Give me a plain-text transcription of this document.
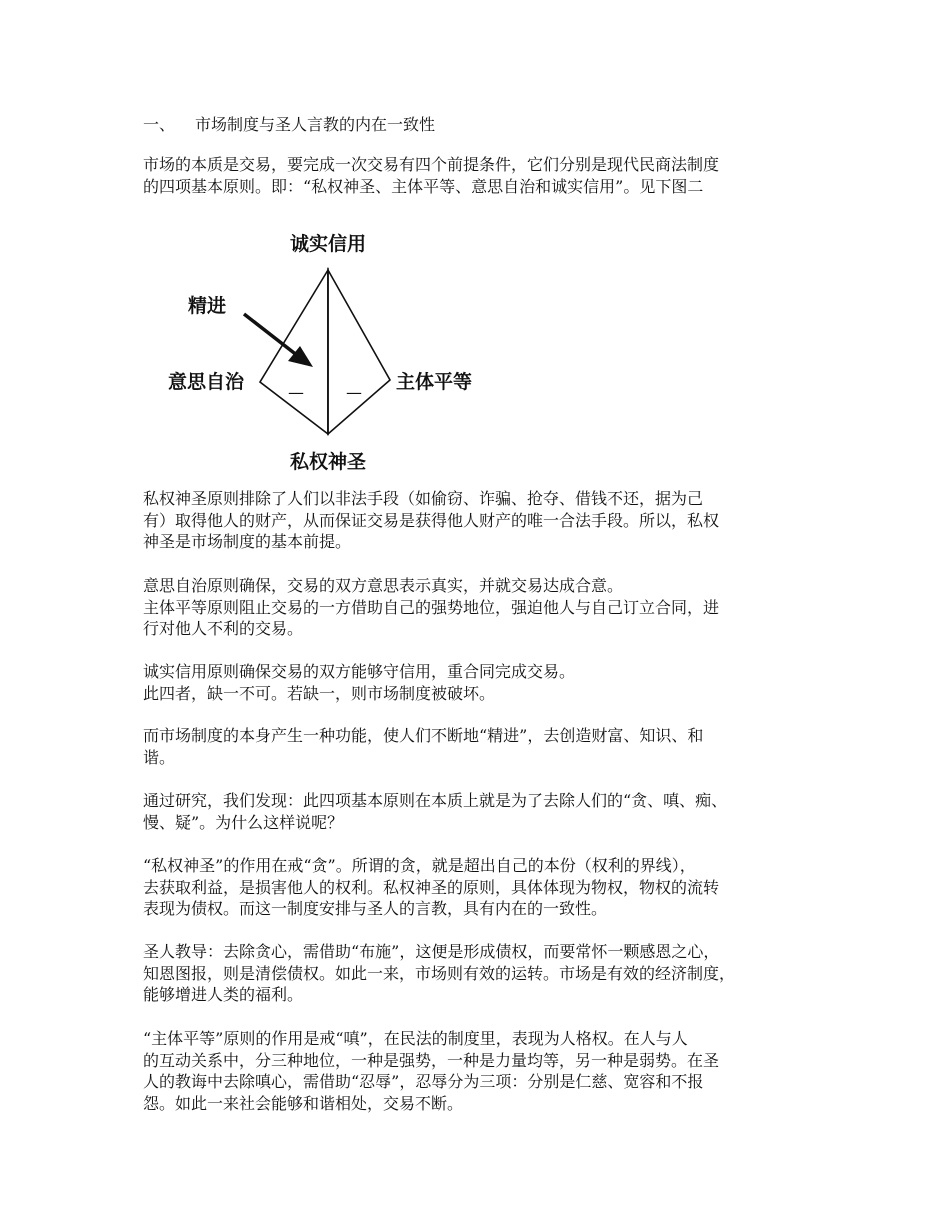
一、 市场制度与圣人言教的内在一致性

市场的本质是交易，要完成一次交易有四个前提条件，它们分别是现代民商法制度
的四项基本原则。即：“私权神圣、主体平等、意思自治和诚实信用”。见下图二

诚实信用
私权神圣
意思自治	主体平等
精进
—	—

私权神圣原则排除了人们以非法手段（如偷窃、诈骗、抢夺、借钱不还，据为己
有）取得他人的财产，从而保证交易是获得他人财产的唯一合法手段。所以，私权
神圣是市场制度的基本前提。

意思自治原则确保，交易的双方意思表示真实，并就交易达成合意。
主体平等原则阻止交易的一方借助自己的强势地位，强迫他人与自己订立合同，进
行对他人不利的交易。

诚实信用原则确保交易的双方能够守信用，重合同完成交易。
此四者，缺一不可。若缺一，则市场制度被破坏。

而市场制度的本身产生一种功能，使人们不断地“精进”，去创造财富、知识、和
谐。

通过研究，我们发现：此四项基本原则在本质上就是为了去除人们的“贪、嗔、痴、
慢、疑”。为什么这样说呢？

“私权神圣”的作用在戒“贪”。所谓的贪，就是超出自己的本份（权利的界线），
去获取利益，是损害他人的权利。私权神圣的原则，具体体现为物权，物权的流转
表现为债权。而这一制度安排与圣人的言教，具有内在的一致性。

圣人教导：去除贪心，需借助“布施”，这便是形成债权，而要常怀一颗感恩之心，
知恩图报，则是清偿债权。如此一来，市场则有效的运转。市场是有效的经济制度，
能够增进人类的福利。

“主体平等”原则的作用是戒“嗔”，在民法的制度里，表现为人格权。在人与人
的互动关系中，分三种地位，一种是强势，一种是力量均等，另一种是弱势。在圣
人的教诲中去除嗔心，需借助“忍辱”，忍辱分为三项：分别是仁慈、宽容和不报
怨。如此一来社会能够和谐相处，交易不断。
